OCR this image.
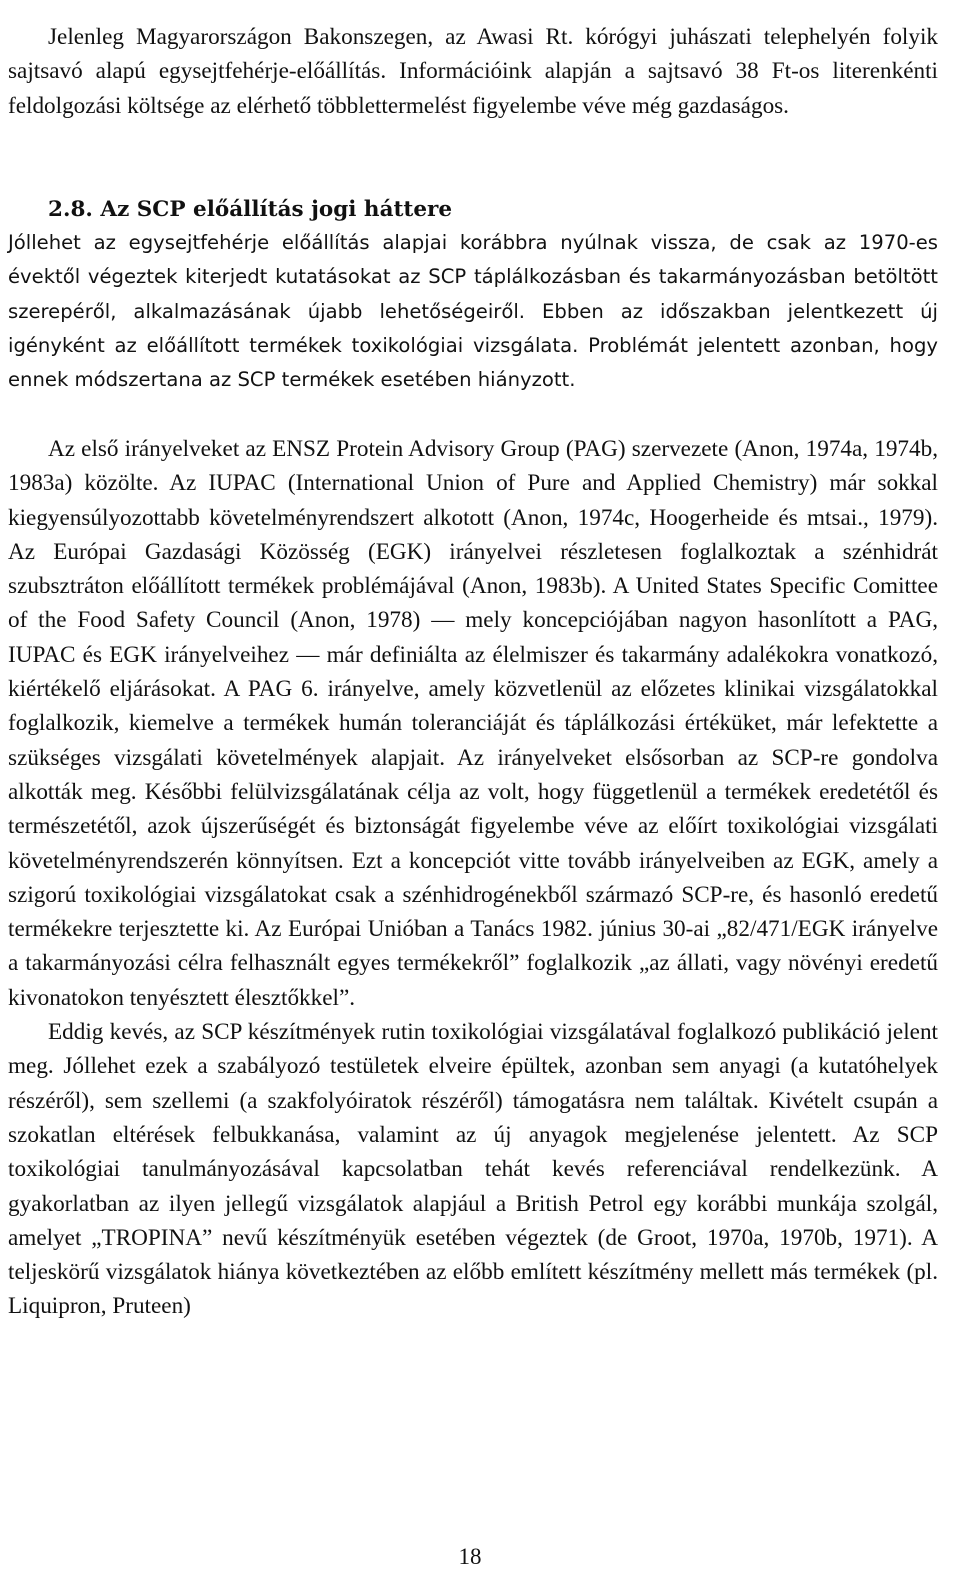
Jelenleg Magyarországon Bakonszegen, az Awasi Rt. kórógyi juhászati telephelyén folyik sajtsavó alapú egysejtfehérje-előállítás. Információink alapján a sajtsavó 38 Ft-os literenkénti feldolgozási költsége az elérhető többlettermelést figyelembe véve még gazdaságos.

2.8. Az SCP előállítás jogi háttere

Jóllehet az egysejtfehérje előállítás alapjai korábbra nyúlnak vissza, de csak az 1970-es évektől végeztek kiterjedt kutatásokat az SCP táplálkozásban és takarmányozásban betöltött szerepéről, alkalmazásának újabb lehetőségeiről. Ebben az időszakban jelentkezett új igényként az előállított termékek toxikológiai vizsgálata. Problémát jelentett azonban, hogy ennek módszertana az SCP termékek esetében hiányzott.

Az első irányelveket az ENSZ Protein Advisory Group (PAG) szervezete (Anon, 1974a, 1974b, 1983a) közölte. Az IUPAC (International Union of Pure and Applied Chemistry) már sokkal kiegyensúlyozottabb követelményrendszert alkotott (Anon, 1974c, Hoogerheide és mtsai., 1979). Az Európai Gazdasági Közösség (EGK) irányelvei részletesen foglalkoztak a szénhidrát szubsztráton előállított termékek problémájával (Anon, 1983b). A United States Specific Comittee of the Food Safety Council (Anon, 1978) — mely koncepciójában nagyon hasonlított a PAG, IUPAC és EGK irányelveihez — már definiálta az élelmiszer és takarmány adalékokra vonatkozó, kiértékelő eljárásokat. A PAG 6. irányelve, amely közvetlenül az előzetes klinikai vizsgálatokkal foglalkozik, kiemelve a termékek humán toleranciáját és táplálkozási értéküket, már lefektette a szükséges vizsgálati követelmények alapjait. Az irányelveket elsősorban az SCP-re gondolva alkották meg. Későbbi felülvizsgálatának célja az volt, hogy függetlenül a termékek eredetétől és természetétől, azok újszerűségét és biztonságát figyelembe véve az előírt toxikológiai vizsgálati követelményrendszerén könnyítsen. Ezt a koncepciót vitte tovább irányelveiben az EGK, amely a szigorú toxikológiai vizsgálatokat csak a szénhidrogénekből származó SCP-re, és hasonló eredetű termékekre terjesztette ki. Az Európai Unióban a Tanács 1982. június 30-ai „82/471/EGK irányelve a takarmányozási célra felhasznált egyes termékekről” foglalkozik „az állati, vagy növényi eredetű kivonatokon tenyésztett élesztőkkel”.

Eddig kevés, az SCP készítmények rutin toxikológiai vizsgálatával foglalkozó publikáció jelent meg. Jóllehet ezek a szabályozó testületek elveire épültek, azonban sem anyagi (a kutatóhelyek részéről), sem szellemi (a szakfolyóiratok részéről) támogatásra nem találtak. Kivételt csupán a szokatlan eltérések felbukkanása, valamint az új anyagok megjelenése jelentett. Az SCP toxikológiai tanulmányozásával kapcsolatban tehát kevés referenciával rendelkezünk. A gyakorlatban az ilyen jellegű vizsgálatok alapjául a British Petrol egy korábbi munkája szolgál, amelyet „TROPINA” nevű készítményük esetében végeztek (de Groot, 1970a, 1970b, 1971). A teljeskörű vizsgálatok hiánya következtében az előbb említett készítmény mellett más termékek (pl. Liquipron, Pruteen)

18
